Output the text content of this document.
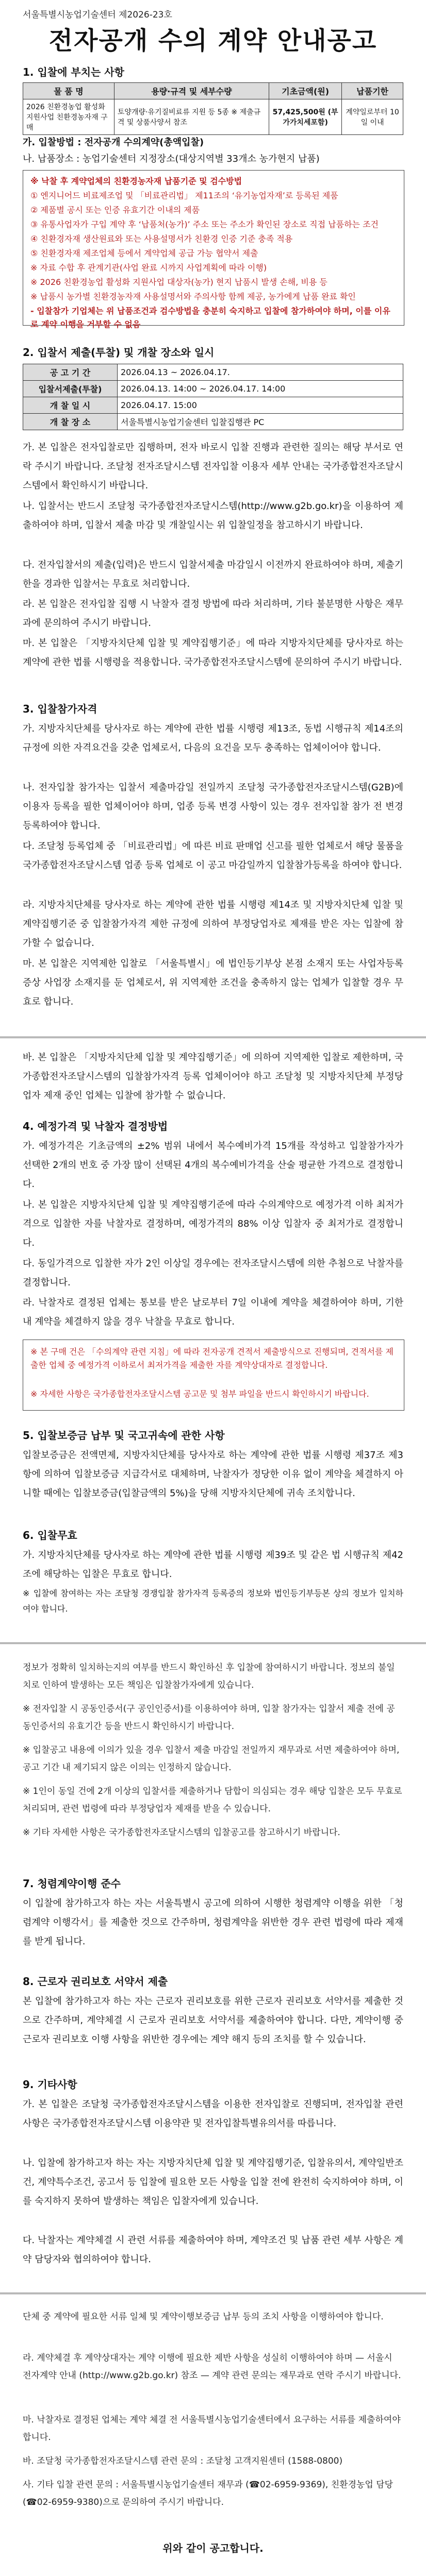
서울특별시농업기술센터 제2026-23호
전자공개 수의 계약 안내공고
1. 입찰에 부치는 사항
물 품 명	용량·규격 및 세부수량	기초금액(원)	납품기한
2026 친환경농업 활성화 지원사업 친환경농자재 구매	토양개량·유기질비료류 지원 등 5종 ※ 제출규격 및 상품사양서 참조	57,425,500원 (부가가치세포함)	계약일로부터 10일 이내
가. 입찰방법 : 전자공개 수의계약(총액입찰)
나. 납품장소 : 농업기술센터 지정장소(대상지역별 33개소 농가현지 납품)
※ 낙찰 후 계약업체의 친환경농자재 납품기준 및 검수방법
① 엔지니어드 비료제조업 및 「비료관리법」 제11조의 ‘유기농업자재’로 등록된 제품
② 제품별 공시 또는 인증 유효기간 이내의 제품
③ 유통사업자가 구입 계약 후 ‘납품처(농가)’ 주소 또는 주소가 확인된 장소로 직접 납품하는 조건
④ 친환경자재 생산원료와 또는 사용설명서가 친환경 인증 기준 충족 적용
⑤ 친환경자재 제조업체 등에서 계약업체 공급 가능 협약서 제출
※ 자료 수합 후 관계기관(사업 완료 시까지 사업계획에 따라 이행)
※ 2026 친환경농업 활성화 지원사업 대상자(농가) 현지 납품시 발생 손해, 비용 등
※ 납품시 농가별 친환경농자재 사용설명서와 주의사항 함께 제공, 농가에게 납품 완료 확인
- 입찰참가 기업체는 위 납품조건과 검수방법을 충분히 숙지하고 입찰에 참가하여야 하며, 이를 이유로 계약 이행을 거부할 수 없음
2. 입찰서 제출(투찰) 및 개찰 장소와 일시
공 고 기 간	2026.04.13 ~ 2026.04.17.
입찰서제출(투찰)	2026.04.13. 14:00 ~ 2026.04.17. 14:00
개 찰 일 시	2026.04.17. 15:00
개 찰 장 소	서울특별시농업기술센터 입찰집행관 PC
가. 본 입찰은 전자입찰로만 집행하며, 전자 바로시 입찰 진행과 관련한 질의는 해당 부서로 연락 주시기 바랍니다. 조달청 전자조달시스템 전자입찰 이용자 세부 안내는 국가종합전자조달시스템에서 확인하시기 바랍니다.
나. 입찰서는 반드시 조달청 국가종합전자조달시스템(http://www.g2b.go.kr)을 이용하여 제출하여야 하며, 입찰서 제출 마감 및 개찰일시는 위 입찰일정을 참고하시기 바랍니다.
다. 전자입찰서의 제출(입력)은 반드시 입찰서제출 마감일시 이전까지 완료하여야 하며, 제출기한을 경과한 입찰서는 무효로 처리합니다.
라. 본 입찰은 전자입찰 집행 시 낙찰자 결정 방법에 따라 처리하며, 기타 불분명한 사항은 재무과에 문의하여 주시기 바랍니다.
마. 본 입찰은 「지방자치단체 입찰 및 계약집행기준」에 따라 지방자치단체를 당사자로 하는 계약에 관한 법률 시행령을 적용합니다. 국가종합전자조달시스템에 문의하여 주시기 바랍니다.
3. 입찰참가자격
가. 지방자치단체를 당사자로 하는 계약에 관한 법률 시행령 제13조, 동법 시행규칙 제14조의 규정에 의한 자격요건을 갖춘 업체로서, 다음의 요건을 모두 충족하는 업체이어야 합니다.
나. 전자입찰 참가자는 입찰서 제출마감일 전일까지 조달청 국가종합전자조달시스템(G2B)에 이용자 등록을 필한 업체이어야 하며, 업종 등록 변경 사항이 있는 경우 전자입찰 참가 전 변경 등록하여야 합니다.
다. 조달청 등록업체 중 「비료관리법」에 따른 비료 판매업 신고를 필한 업체로서 해당 물품을 국가종합전자조달시스템 업종 등록 업체로 이 공고 마감일까지 입찰참가등록을 하여야 합니다.
라. 지방자치단체를 당사자로 하는 계약에 관한 법률 시행령 제14조 및 지방자치단체 입찰 및 계약집행기준 중 입찰참가자격 제한 규정에 의하여 부정당업자로 제재를 받은 자는 입찰에 참가할 수 없습니다.
마. 본 입찰은 지역제한 입찰로 「서울특별시」에 법인등기부상 본점 소재지 또는 사업자등록증상 사업장 소재지를 둔 업체로서, 위 지역제한 조건을 충족하지 않는 업체가 입찰할 경우 무효로 합니다.
바. 본 입찰은 「지방자치단체 입찰 및 계약집행기준」에 의하여 지역제한 입찰로 제한하며, 국가종합전자조달시스템의 입찰참가자격 등록 업체이어야 하고 조달청 및 지방자치단체 부정당업자 제재 중인 업체는 입찰에 참가할 수 없습니다.
4. 예정가격 및 낙찰자 결정방법
가. 예정가격은 기초금액의 ±2% 범위 내에서 복수예비가격 15개를 작성하고 입찰참가자가 선택한 2개의 번호 중 가장 많이 선택된 4개의 복수예비가격을 산술 평균한 가격으로 결정합니다.
나. 본 입찰은 지방자치단체 입찰 및 계약집행기준에 따라 수의계약으로 예정가격 이하 최저가격으로 입찰한 자를 낙찰자로 결정하며, 예정가격의 88% 이상 입찰자 중 최저가로 결정합니다.
다. 동일가격으로 입찰한 자가 2인 이상일 경우에는 전자조달시스템에 의한 추첨으로 낙찰자를 결정합니다.
라. 낙찰자로 결정된 업체는 통보를 받은 날로부터 7일 이내에 계약을 체결하여야 하며, 기한 내 계약을 체결하지 않을 경우 낙찰을 무효로 합니다.
※ 본 구매 건은 「수의계약 관련 지침」에 따라 전자공개 견적서 제출방식으로 진행되며, 견적서를 제출한 업체 중 예정가격 이하로서 최저가격을 제출한 자를 계약상대자로 결정합니다.
※ 자세한 사항은 국가종합전자조달시스템 공고문 및 첨부 파일을 반드시 확인하시기 바랍니다.
5. 입찰보증금 납부 및 국고귀속에 관한 사항
입찰보증금은 전액면제, 지방자치단체를 당사자로 하는 계약에 관한 법률 시행령 제37조 제3항에 의하여 입찰보증금 지급각서로 대체하며, 낙찰자가 정당한 이유 없이 계약을 체결하지 아니할 때에는 입찰보증금(입찰금액의 5%)을 당해 지방자치단체에 귀속 조치합니다.
6. 입찰무효
가. 지방자치단체를 당사자로 하는 계약에 관한 법률 시행령 제39조 및 같은 법 시행규칙 제42조에 해당하는 입찰은 무효로 합니다.
※ 입찰에 참여하는 자는 조달청 경쟁입찰 참가자격 등록증의 정보와 법인등기부등본 상의 정보가 일치하여야 합니다.
정보가 정확히 일치하는지의 여부를 반드시 확인하신 후 입찰에 참여하시기 바랍니다. 정보의 불일치로 인하여 발생하는 모든 책임은 입찰참가자에게 있습니다.
※ 전자입찰 시 공동인증서(구 공인인증서)를 이용하여야 하며, 입찰 참가자는 입찰서 제출 전에 공동인증서의 유효기간 등을 반드시 확인하시기 바랍니다.
※ 입찰공고 내용에 이의가 있을 경우 입찰서 제출 마감일 전일까지 재무과로 서면 제출하여야 하며, 공고 기간 내 제기되지 않은 이의는 인정하지 않습니다.
※ 1인이 동일 건에 2개 이상의 입찰서를 제출하거나 담합이 의심되는 경우 해당 입찰은 모두 무효로 처리되며, 관련 법령에 따라 부정당업자 제재를 받을 수 있습니다.
※ 기타 자세한 사항은 국가종합전자조달시스템의 입찰공고를 참고하시기 바랍니다.
7. 청렴계약이행 준수
이 입찰에 참가하고자 하는 자는 서울특별시 공고에 의하여 시행한 청렴계약 이행을 위한 「청렴계약 이행각서」를 제출한 것으로 간주하며, 청렴계약을 위반한 경우 관련 법령에 따라 제재를 받게 됩니다.
8. 근로자 권리보호 서약서 제출
본 입찰에 참가하고자 하는 자는 근로자 권리보호를 위한 근로자 권리보호 서약서를 제출한 것으로 간주하며, 계약체결 시 근로자 권리보호 서약서를 제출하여야 합니다. 다만, 계약이행 중 근로자 권리보호 이행 사항을 위반한 경우에는 계약 해지 등의 조치를 할 수 있습니다.
9. 기타사항
가. 본 입찰은 조달청 국가종합전자조달시스템을 이용한 전자입찰로 진행되며, 전자입찰 관련 사항은 국가종합전자조달시스템 이용약관 및 전자입찰특별유의서를 따릅니다.
나. 입찰에 참가하고자 하는 자는 지방자치단체 입찰 및 계약집행기준, 입찰유의서, 계약일반조건, 계약특수조건, 공고서 등 입찰에 필요한 모든 사항을 입찰 전에 완전히 숙지하여야 하며, 이를 숙지하지 못하여 발생하는 책임은 입찰자에게 있습니다.
다. 낙찰자는 계약체결 시 관련 서류를 제출하여야 하며, 계약조건 및 납품 관련 세부 사항은 계약 담당자와 협의하여야 합니다.
단체 중 계약에 필요한 서류 일체 및 계약이행보증금 납부 등의 조치 사항을 이행하여야 합니다.
라. 계약체결 후 계약상대자는 계약 이행에 필요한 제반 사항을 성실히 이행하여야 하며 — 서울시 전자계약 안내 (http://www.g2b.go.kr) 참조 — 계약 관련 문의는 재무과로 연락 주시기 바랍니다.
마. 낙찰자로 결정된 업체는 계약 체결 전 서울특별시농업기술센터에서 요구하는 서류를 제출하여야 합니다.
바. 조달청 국가종합전자조달시스템 관련 문의 : 조달청 고객지원센터 (1588-0800)
사. 기타 입찰 관련 문의 : 서울특별시농업기술센터 재무과 (☎02-6959-9369), 친환경농업 담당 (☎02-6959-9380)으로 문의하여 주시기 바랍니다.
위와 같이 공고합니다.
